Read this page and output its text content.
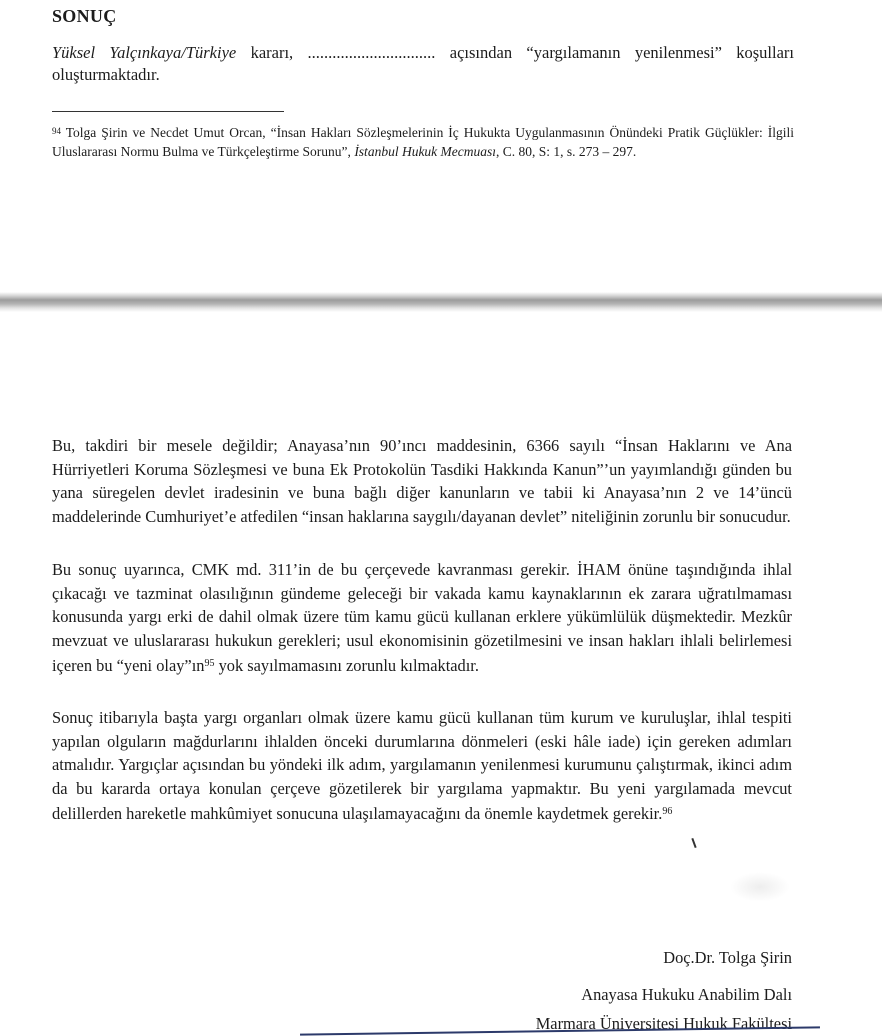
SONUÇ

Yüksel Yalçınkaya/Türkiye kararı, ............................... açısından “yargılamanın yenilenmesi” koşulları oluşturmaktadır.

$^{94}$ Tolga Şirin ve Necdet Umut Orcan, “İnsan Hakları Sözleşmelerinin İç Hukukta Uygulanmasının Önündeki Pratik Güçlükler: İlgili Uluslararası Normu Bulma ve Türkçeleştirme Sorunu”, İstanbul Hukuk Mecmuası, C. 80, S: 1, s. 273 – 297.

Bu, takdiri bir mesele değildir; Anayasa’nın 90’ıncı maddesinin, 6366 sayılı “İnsan Haklarını ve Ana Hürriyetleri Koruma Sözleşmesi ve buna Ek Protokolün Tasdiki Hakkında Kanun”’un yayımlandığı günden bu yana süregelen devlet iradesinin ve buna bağlı diğer kanunların ve tabii ki Anayasa’nın 2 ve 14’üncü maddelerinde Cumhuriyet’e atfedilen “insan haklarına saygılı/dayanan devlet” niteliğinin zorunlu bir sonucudur.

Bu sonuç uyarınca, CMK md. 311’in de bu çerçevede kavranması gerekir. İHAM önüne taşındığında ihlal çıkacağı ve tazminat olasılığının gündeme geleceği bir vakada kamu kaynaklarının ek zarara uğratılmaması konusunda yargı erki de dahil olmak üzere tüm kamu gücü kullanan erklere yükümlülük düşmektedir. Mezkûr mevzuat ve uluslararası hukukun gerekleri; usul ekonomisinin gözetilmesini ve insan hakları ihlali belirlemesi içeren bu “yeni $olay”ın^{95}$ yok sayılmamasını zorunlu kılmaktadır.

Sonuç itibarıyla başta yargı organları olmak üzere kamu gücü kullanan tüm kurum ve kuruluşlar, ihlal tespiti yapılan olguların mağdurlarını ihlalden önceki durumlarına dönmeleri (eski hâle iade) için gereken adımları atmalıdır. Yargıçlar açısından bu yöndeki ilk adım, yargılamanın yenilenmesi kurumunu çalıştırmak, ikinci adım da bu kararda ortaya konulan çerçeve gözetilerek bir yargılama yapmaktır. Bu yeni yargılamada mevcut delillerden hareketle mahkûmiyet sonucuna ulaşılamayacağını da önemle kaydetmek gerekir.$^{96}$

Doç.Dr. Tolga Şirin

Anayasa Hukuku Anabilim Dalı

Marmara Üniversitesi Hukuk Fakültesi
